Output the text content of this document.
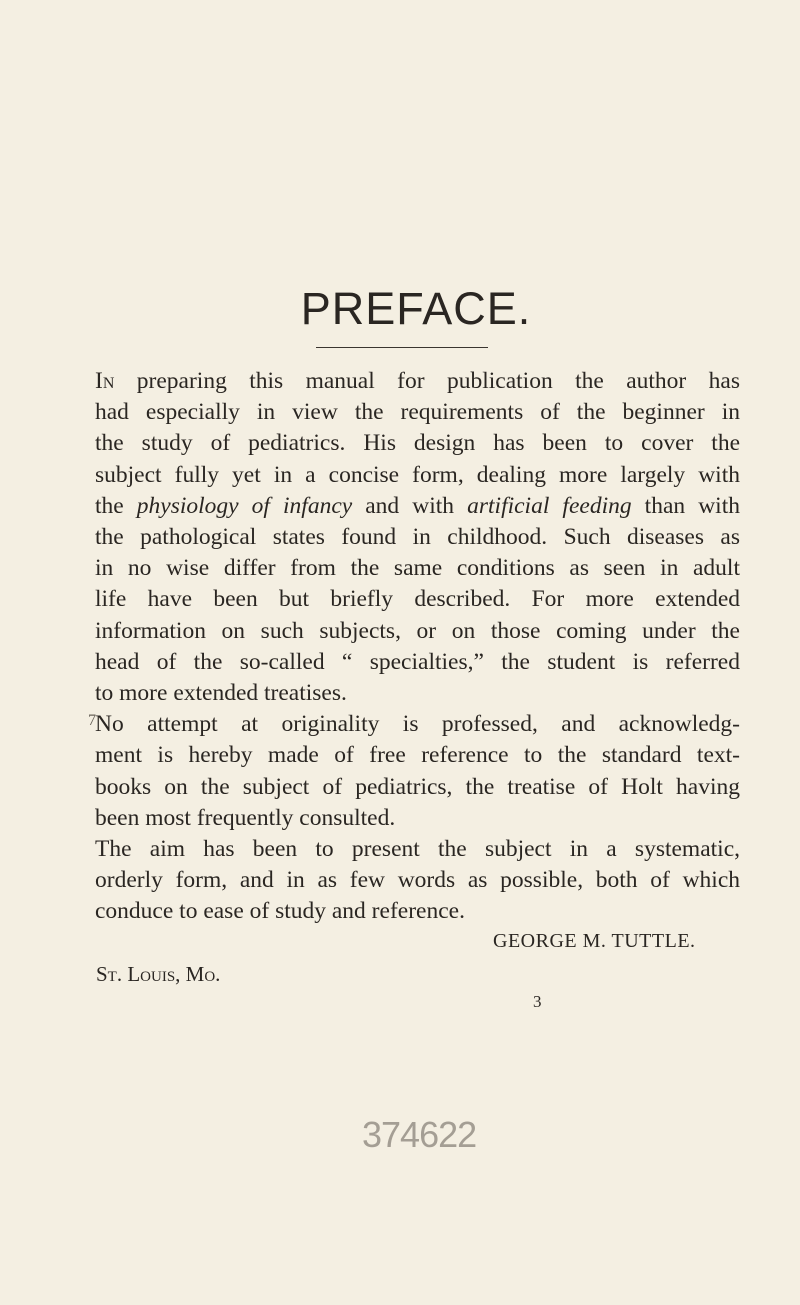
PREFACE.
In preparing this manual for publication the author has
had especially in view the requirements of the beginner in
the study of pediatrics. His design has been to cover the
subject fully yet in a concise form, dealing more largely with
the physiology of infancy and with artificial feeding than with
the pathological states found in childhood. Such diseases as
in no wise differ from the same conditions as seen in adult
life have been but briefly described. For more extended
information on such subjects, or on those coming under the
head of the so-called “ specialties,” the student is referred
to more extended treatises.
No attempt at originality is professed, and acknowledg-
ment is hereby made of free reference to the standard text-
books on the subject of pediatrics, the treatise of Holt having
been most frequently consulted.
The aim has been to present the subject in a systematic,
orderly form, and in as few words as possible, both of which
conduce to ease of study and reference.
7
GEORGE M. TUTTLE.
St. Louis, Mo.
3
374622
